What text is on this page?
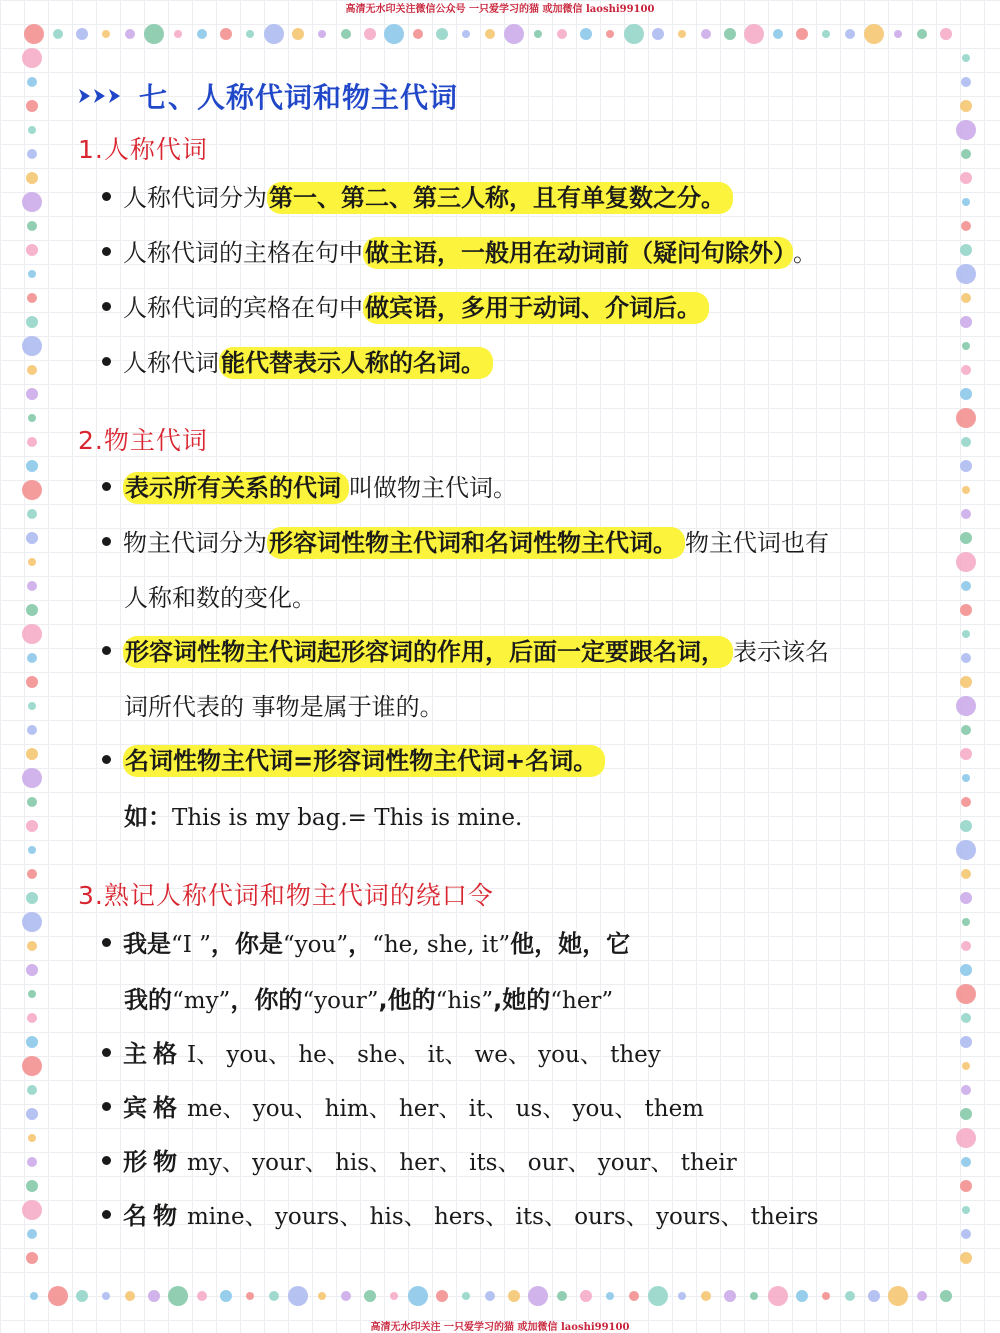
高清无水印关注微信公众号 一只爱学习的猫 或加微信 laoshi99100
高清无水印关注 一只爱学习的猫 或加微信 laoshi99100
七、人称代词和物主代词
1.人称代词
人称代词分为第一、第二、第三人称，且有单复数之分。
人称代词的主格在句中做主语，一般用在动词前（疑问句除外） 。
人称代词的宾格在句中做宾语，多用于动词、介词后。
人称代词能代替表示人称的名词。
2.物主代词
表示所有关系的代词 叫做物主代词。
物主代词分为形容词性物主代词和名词性物主代词。 物主代词也有
人称和数的变化。
形容词性物主代词起形容词的作用，后面一定要跟名词， 表示该名
词所代表的 事物是属于谁的。
名词性物主代词=形容词性物主代词+名词。
如：This is my bag.= This is mine.
3.熟记人称代词和物主代词的绕口令
我是“I ”，你是“you”，“he, she, it”他，她，它
我的“my”，你的“your”,他的“his”,她的“her”
主格 I、 you、 he、 she、 it、 we、 you、 they
宾格 me、 you、 him、 her、 it、 us、 you、 them
形物 my、 your、 his、 her、 its、 our、 your、 their
名物 mine、 yours、 his、 hers、 its、 ours、 yours、 theirs
